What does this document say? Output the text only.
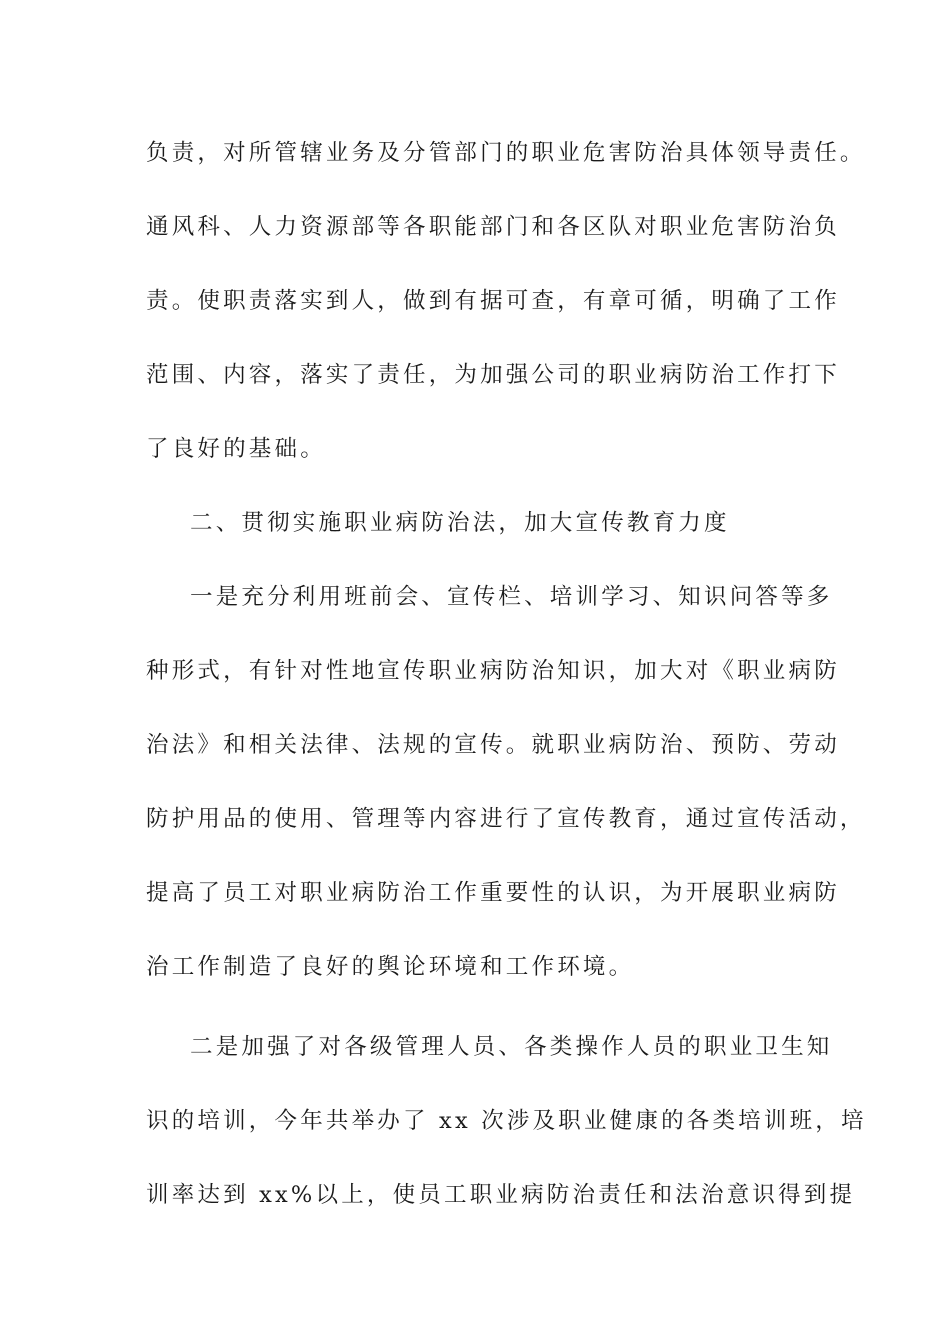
负责，对所管辖业务及分管部门的职业危害防治具体领导责任。
通风科、人力资源部等各职能部门和各区队对职业危害防治负
责。使职责落实到人，做到有据可查，有章可循，明确了工作
范围、内容，落实了责任，为加强公司的职业病防治工作打下
了良好的基础。
二、贯彻实施职业病防治法，加大宣传教育力度
一是充分利用班前会、宣传栏、培训学习、知识问答等多
种形式，有针对性地宣传职业病防治知识，加大对《职业病防
治法》和相关法律、法规的宣传。就职业病防治、预防、劳动
防护用品的使用、管理等内容进行了宣传教育，通过宣传活动，
提高了员工对职业病防治工作重要性的认识，为开展职业病防
治工作制造了良好的舆论环境和工作环境。
二是加强了对各级管理人员、各类操作人员的职业卫生知
识的培训，今年共举办了 xx 次涉及职业健康的各类培训班，培
训率达到 xx%以上，使员工职业病防治责任和法治意识得到提
